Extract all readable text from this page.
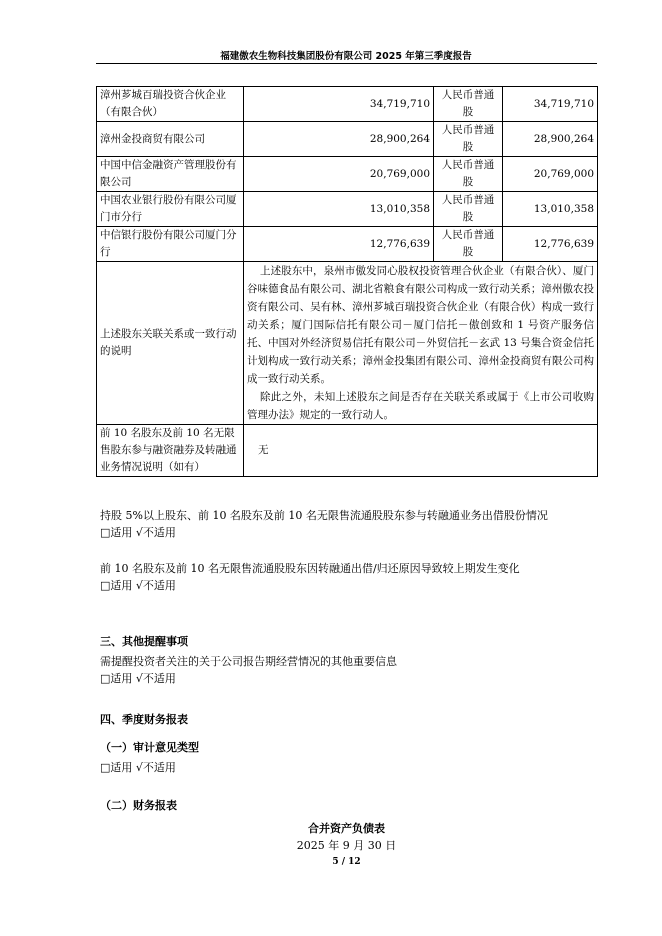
福建傲农生物科技集团股份有限公司 2025 年第三季度报告
漳州芗城百瑞投资合伙企业（有限合伙）	34,719,710	人民币普通股	34,719,710
漳州金投商贸有限公司	28,900,264	人民币普通股	28,900,264
中国中信金融资产管理股份有限公司	20,769,000	人民币普通股	20,769,000
中国农业银行股份有限公司厦门市分行	13,010,358	人民币普通股	13,010,358
中信银行股份有限公司厦门分行	12,776,639	人民币普通股	12,776,639
上述股东关联关系或一致行动的说明	上述股东中，泉州市傲发同心股权投资管理合伙企业（有限合伙）、厦门谷味德食品有限公司、湖北省粮食有限公司构成一致行动关系；漳州傲农投资有限公司、吴有林、漳州芗城百瑞投资合伙企业（有限合伙）构成一致行动关系；厦门国际信托有限公司－厦门信托－傲创致和 1 号资产服务信托、中国对外经济贸易信托有限公司－外贸信托－玄武 13 号集合资金信托计划构成一致行动关系；漳州金投集团有限公司、漳州金投商贸有限公司构成一致行动关系。
除此之外，未知上述股东之间是否存在关联关系或属于《上市公司收购管理办法》规定的一致行动人。		

前 10 名股东及前 10 名无限售股东参与融资融券及转融通业务情况说明（如有）	无		
持股 5%以上股东、前 10 名股东及前 10 名无限售流通股股东参与转融通业务出借股份情况
□适用 √不适用
前 10 名股东及前 10 名无限售流通股股东因转融通出借/归还原因导致较上期发生变化
□适用 √不适用
三、其他提醒事项
需提醒投资者关注的关于公司报告期经营情况的其他重要信息
□适用 √不适用
四、季度财务报表
（一）审计意见类型
□适用 √不适用
（二）财务报表
合并资产负债表
2025 年 9 月 30 日
5 / 12
